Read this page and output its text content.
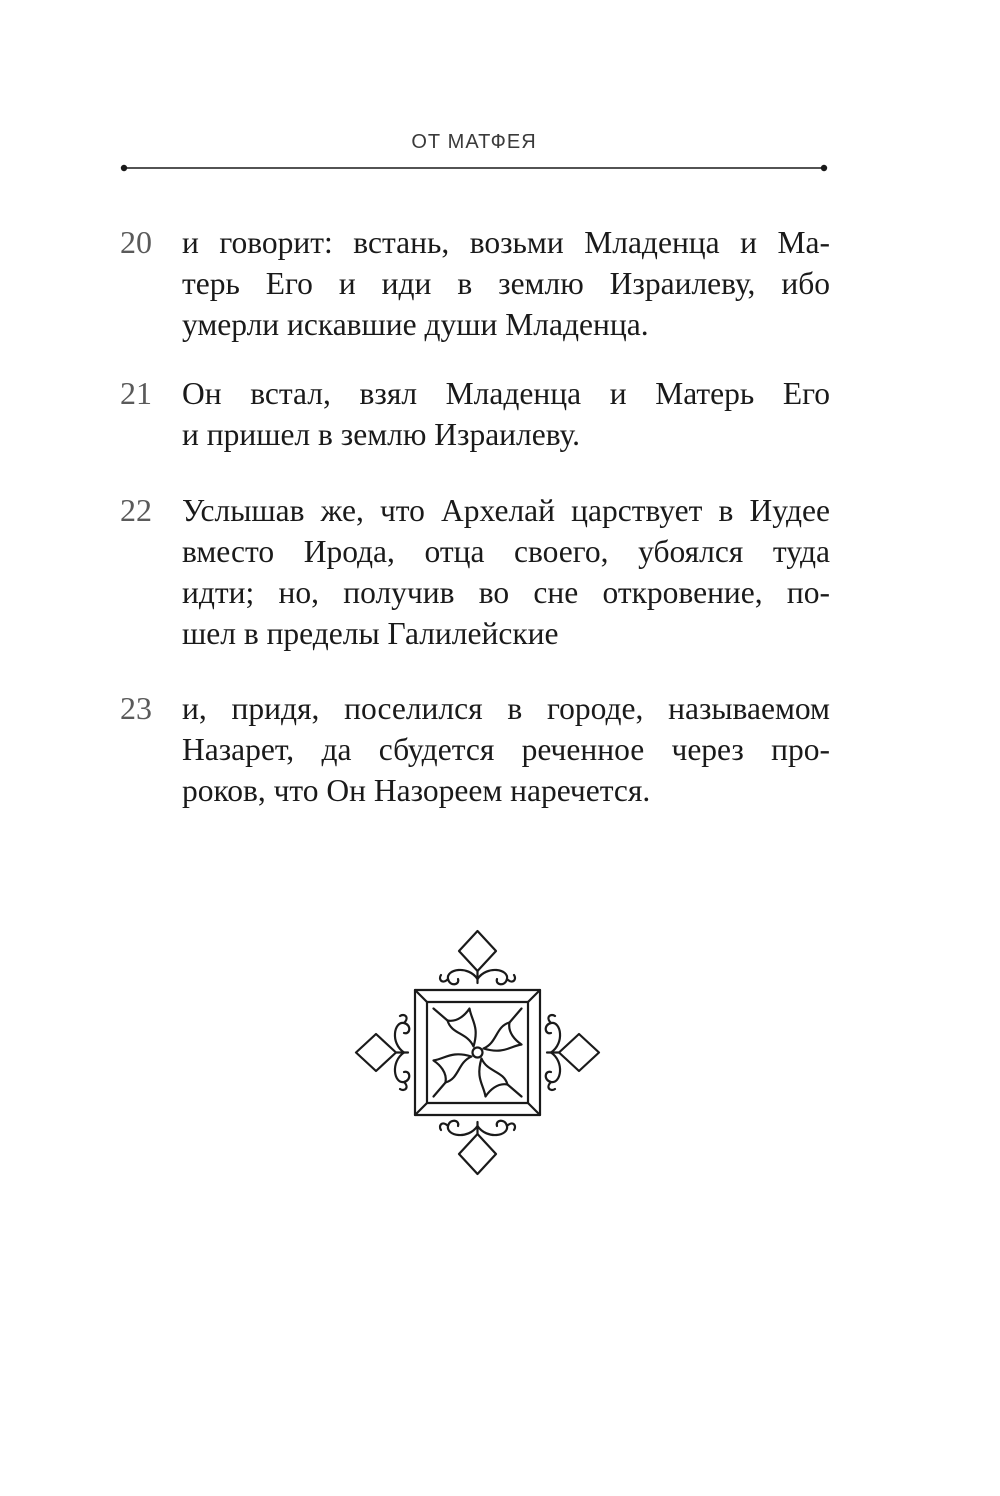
ОТ МАТФЕЯ
20 и говорит: встань, возьми Младенца и Ма-
терь Его и иди в землю Израилеву, ибо
умерли искавшие души Младенца.
21 Он встал, взял Младенца и Матерь Его
и пришел в землю Израилеву.
22 Услышав же, что Архелай царствует в Иудее
вместо Ирода, отца своего, убоялся туда
идти; но, получив во сне откровение, по-
шел в пределы Галилейские
23 и, придя, поселился в городе, называемом
Назарет, да сбудется реченное через про-
роков, что Он Назореем наречется.
